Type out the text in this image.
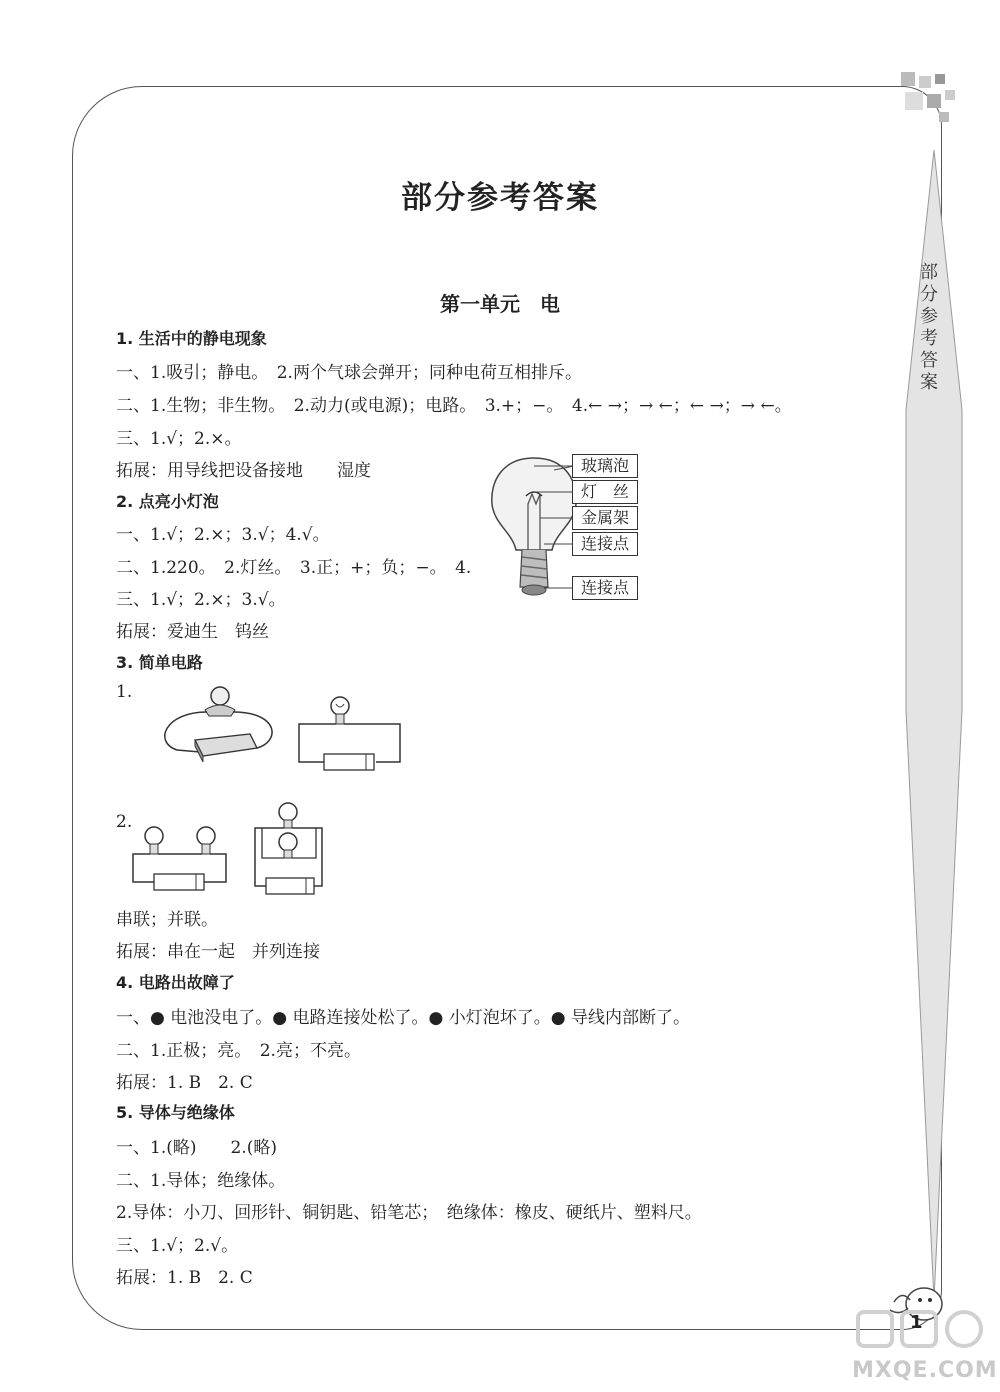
部分参考答案
部分参考答案
第一单元　电
1. 生活中的静电现象
一、1.吸引；静电。　2.两个气球会弹开；同种电荷互相排斥。
二、1.生物；非生物。　2.动力(或电源)；电路。　3.+；−。　4.← →；→ ←；← →；→ ←。
三、1.√；2.×。
拓展：用导线把设备接地　　湿度
2. 点亮小灯泡
一、1.√；2.×；3.√；4.√。
二、1.220。　2.灯丝。　3.正；+；负；−。　4.
三、1.√；2.×；3.√。
拓展：爱迪生　钨丝
3. 简单电路
1.
2.
串联；并联。
拓展：串在一起　并列连接
4. 电路出故障了
一、● 电池没电了。● 电路连接处松了。● 小灯泡坏了。● 导线内部断了。
二、1.正极；亮。　2.亮；不亮。
拓展：1. B　2. C
5. 导体与绝缘体
一、1.(略)　　2.(略)
二、1.导体；绝缘体。
2.导体：小刀、回形针、铜钥匙、铅笔芯；　绝缘体：橡皮、硬纸片、塑料尺。
三、1.√；2.√。
拓展：1. B　2. C
玻璃泡
灯　丝
金属架
连接点
连接点
1
MXQE.COM
